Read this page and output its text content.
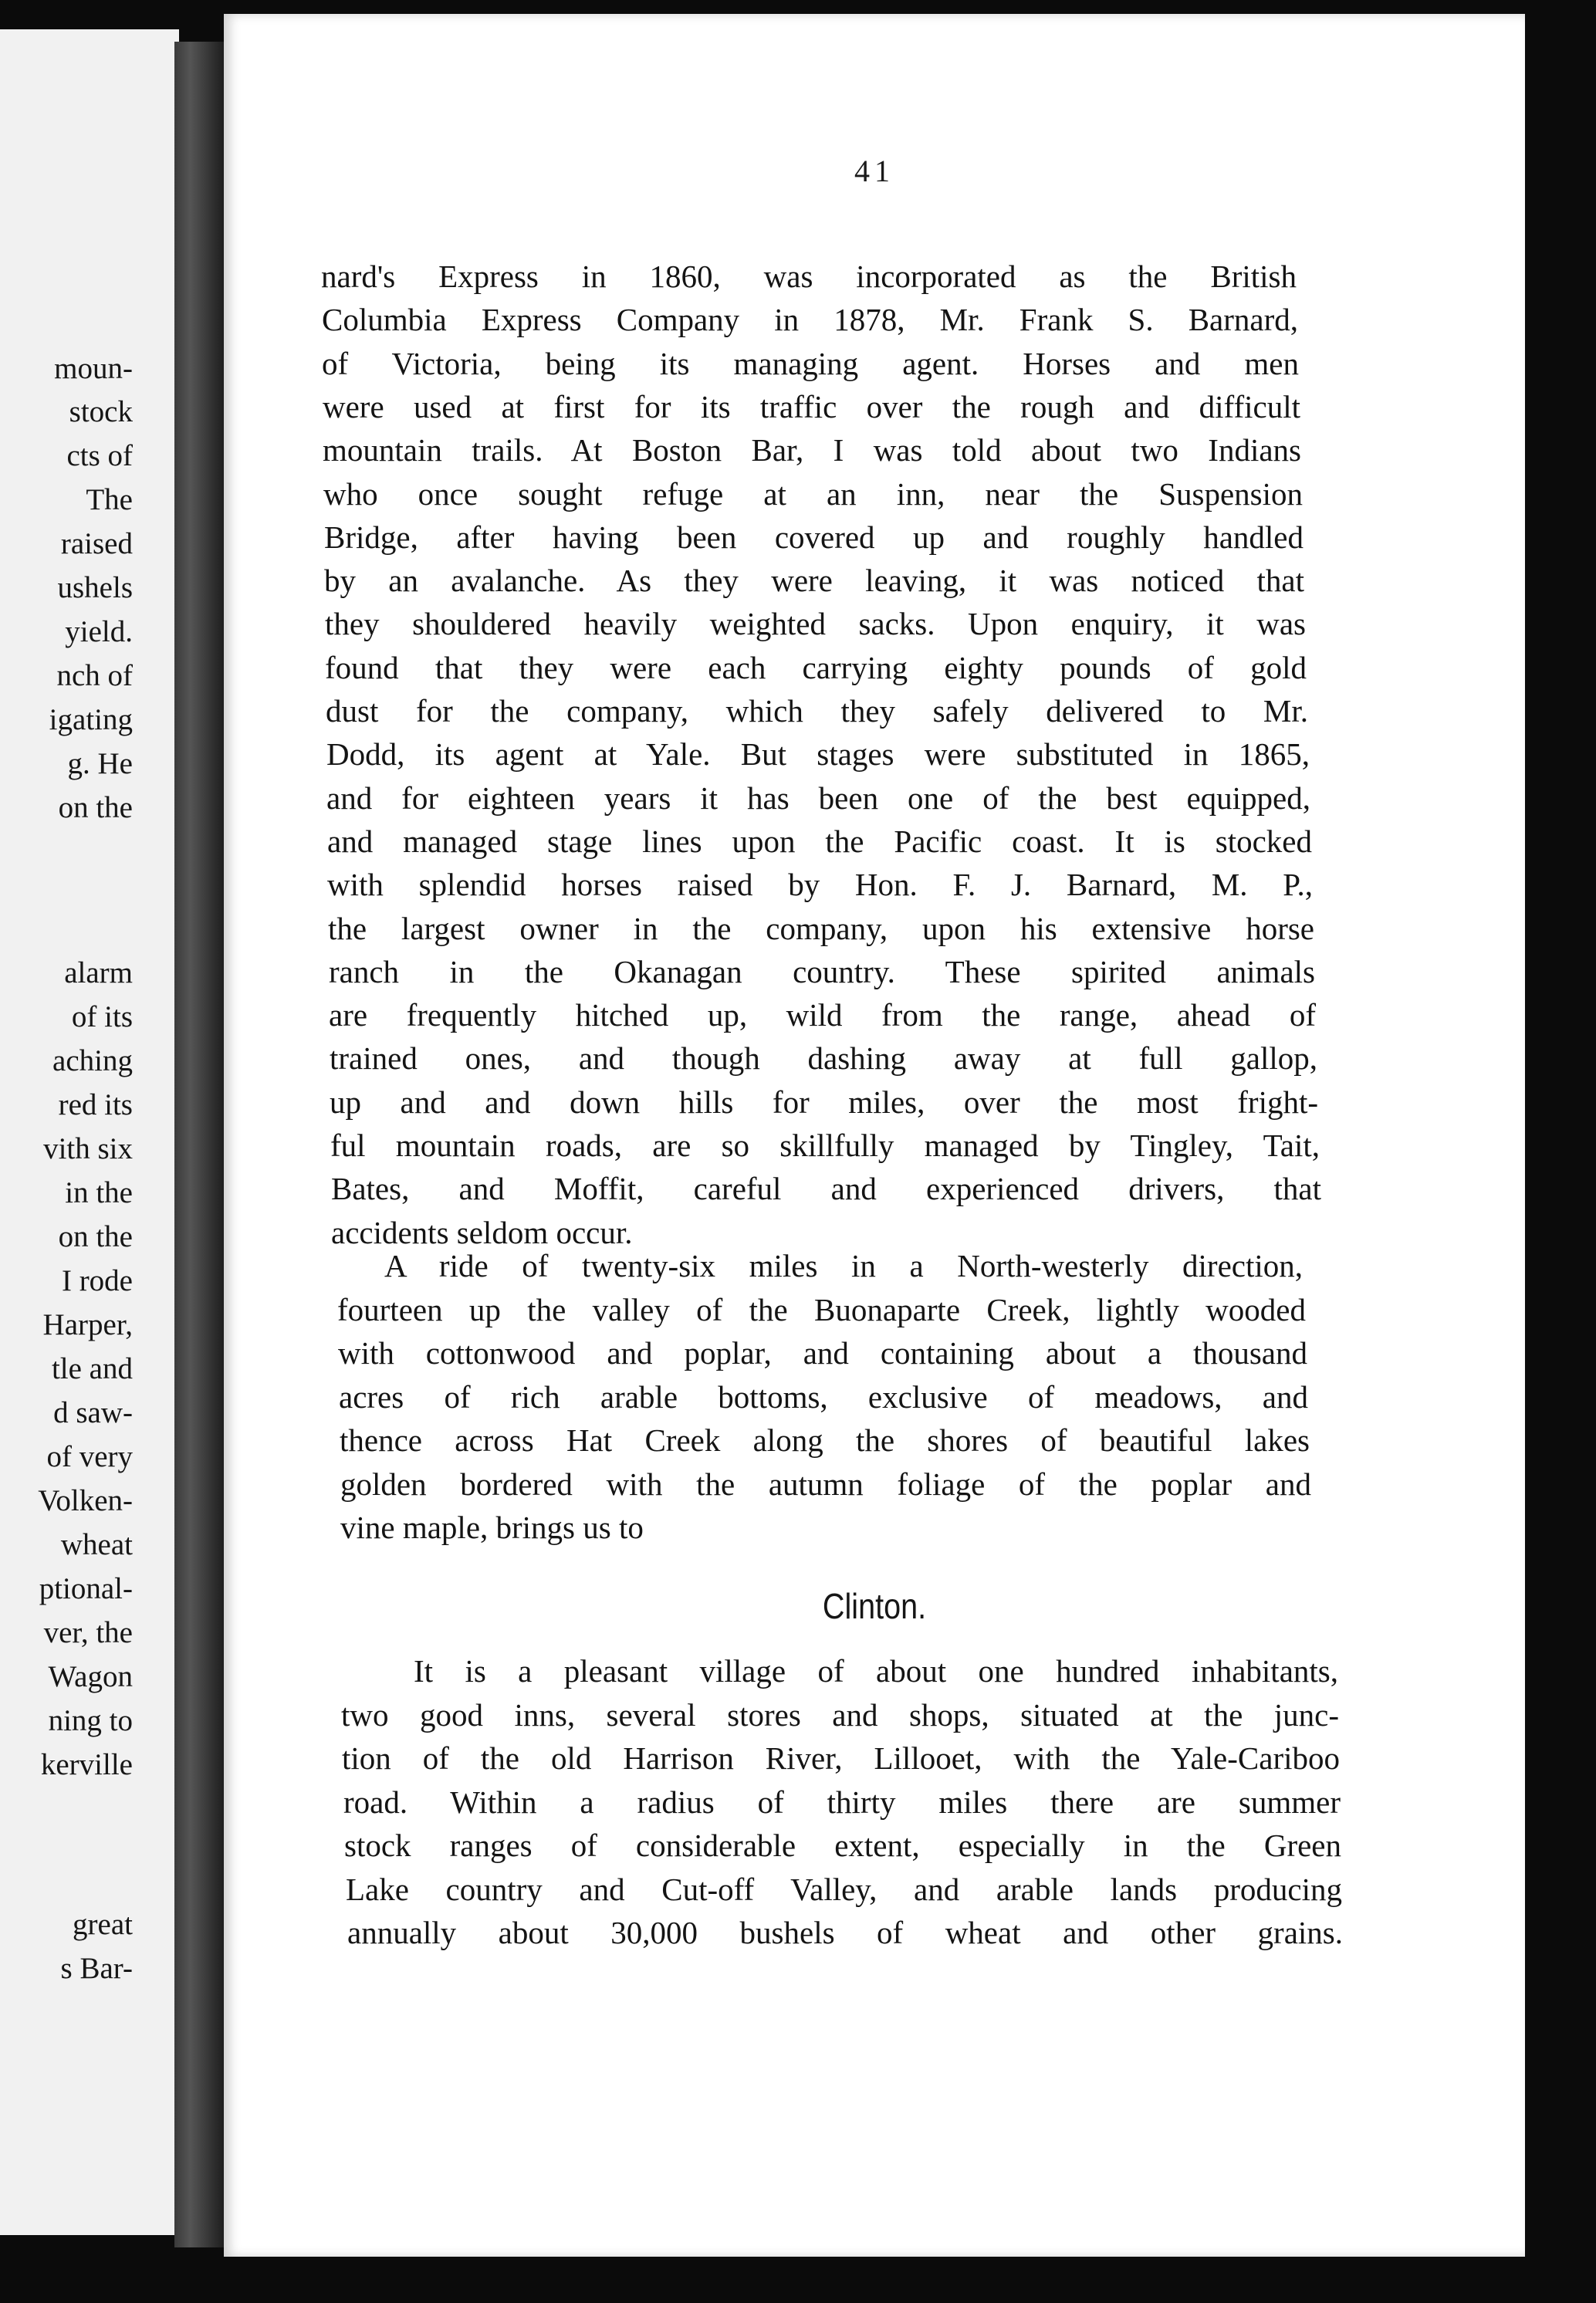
moun-
stock
cts of
The
raised
ushels
yield.
nch of
igating
g. He
on the
alarm
of its
aching
red its
vith six
in the
on the
I rode
Harper,
tle and
d saw-
of very
Volken-
wheat
ptional-
ver, the
Wagon
ning to
kerville
great
s Bar-
41
nard's Express in 1860, was incorporated as the British
Columbia Express Company in 1878, Mr. Frank S. Barnard,
of Victoria, being its managing agent. Horses and men
were used at first for its traffic over the rough and difficult
mountain trails. At Boston Bar, I was told about two Indians
who once sought refuge at an inn, near the Suspension
Bridge, after having been covered up and roughly handled
by an avalanche. As they were leaving, it was noticed that
they shouldered heavily weighted sacks. Upon enquiry, it was
found that they were each carrying eighty pounds of gold
dust for the company, which they safely delivered to Mr.
Dodd, its agent at Yale. But stages were substituted in 1865,
and for eighteen years it has been one of the best equipped,
and managed stage lines upon the Pacific coast. It is stocked
with splendid horses raised by Hon. F. J. Barnard, M. P.,
the largest owner in the company, upon his extensive horse
ranch in the Okanagan country. These spirited animals
are frequently hitched up, wild from the range, ahead of
trained ones, and though dashing away at full gallop,
up and and down hills for miles, over the most fright-
ful mountain roads, are so skillfully managed by Tingley, Tait,
Bates, and Moffit, careful and experienced drivers, that
accidents seldom occur.
A ride of twenty-six miles in a North-westerly direction,
fourteen up the valley of the Buonaparte Creek, lightly wooded
with cottonwood and poplar, and containing about a thousand
acres of rich arable bottoms, exclusive of meadows, and
thence across Hat Creek along the shores of beautiful lakes
golden bordered with the autumn foliage of the poplar and
vine maple, brings us to
Clinton.
It is a pleasant village of about one hundred inhabitants,
two good inns, several stores and shops, situated at the junc-
tion of the old Harrison River, Lillooet, with the Yale-Cariboo
road. Within a radius of thirty miles there are summer
stock ranges of considerable extent, especially in the Green
Lake country and Cut-off Valley, and arable lands producing
annually about 30,000 bushels of wheat and other grains.
